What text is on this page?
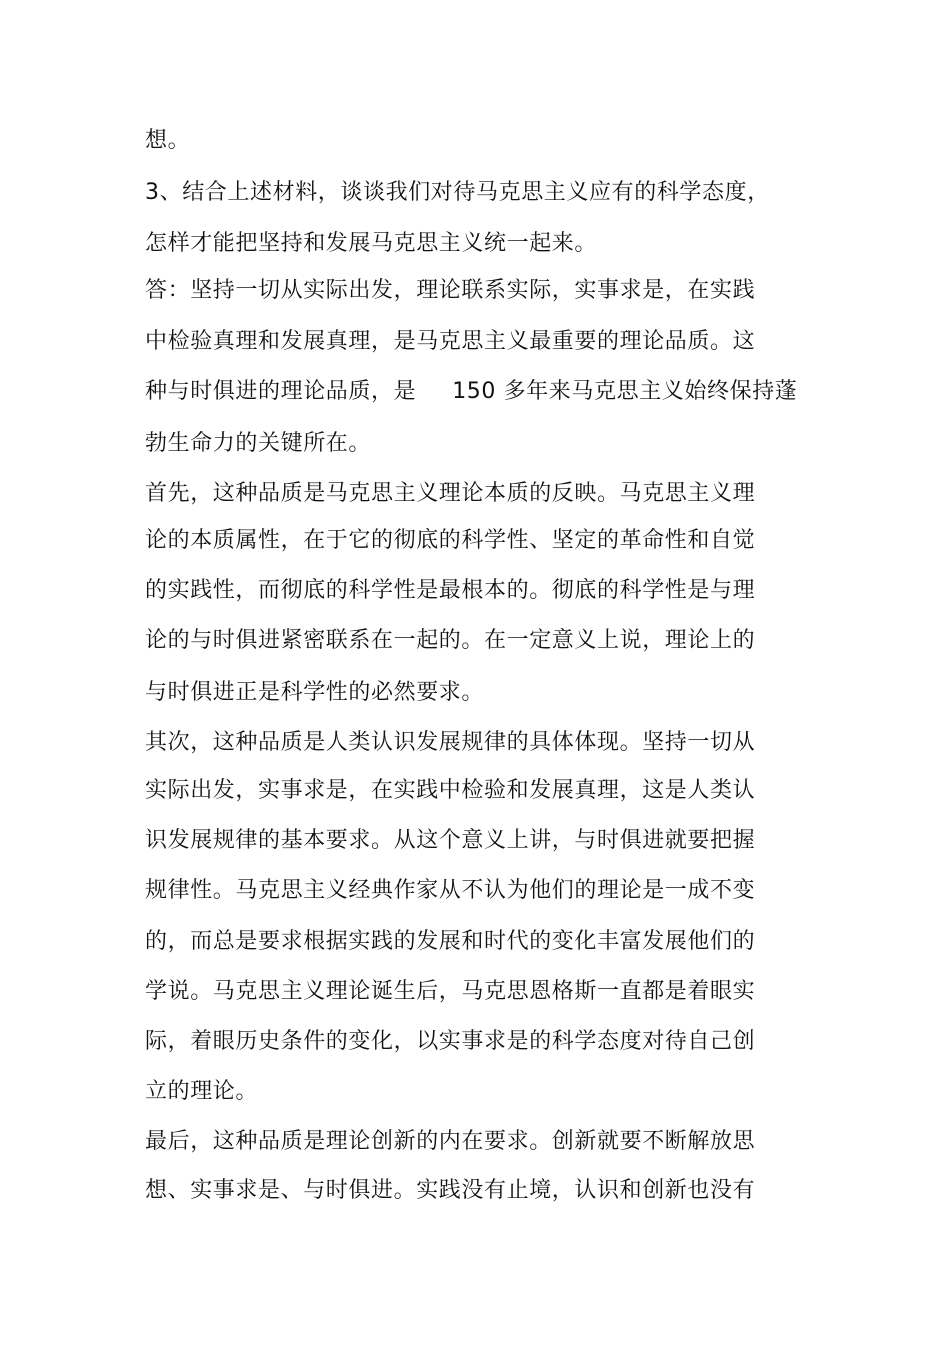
想。
3、结合上述材料，谈谈我们对待马克思主义应有的科学态度，
怎样才能把坚持和发展马克思主义统一起来。
答：坚持一切从实际出发，理论联系实际，实事求是，在实践
中检验真理和发展真理，是马克思主义最重要的理论品质。这
种与时俱进的理论品质，是 150 多年来马克思主义始终保持蓬
勃生命力的关键所在。
首先，这种品质是马克思主义理论本质的反映。马克思主义理
论的本质属性，在于它的彻底的科学性、坚定的革命性和自觉
的实践性，而彻底的科学性是最根本的。彻底的科学性是与理
论的与时俱进紧密联系在一起的。在一定意义上说，理论上的
与时俱进正是科学性的必然要求。
其次，这种品质是人类认识发展规律的具体体现。坚持一切从
实际出发，实事求是，在实践中检验和发展真理，这是人类认
识发展规律的基本要求。从这个意义上讲，与时俱进就要把握
规律性。马克思主义经典作家从不认为他们的理论是一成不变
的，而总是要求根据实践的发展和时代的变化丰富发展他们的
学说。马克思主义理论诞生后，马克思恩格斯一直都是着眼实
际，着眼历史条件的变化，以实事求是的科学态度对待自己创
立的理论。
最后，这种品质是理论创新的内在要求。创新就要不断解放思
想、实事求是、与时俱进。实践没有止境，认识和创新也没有
